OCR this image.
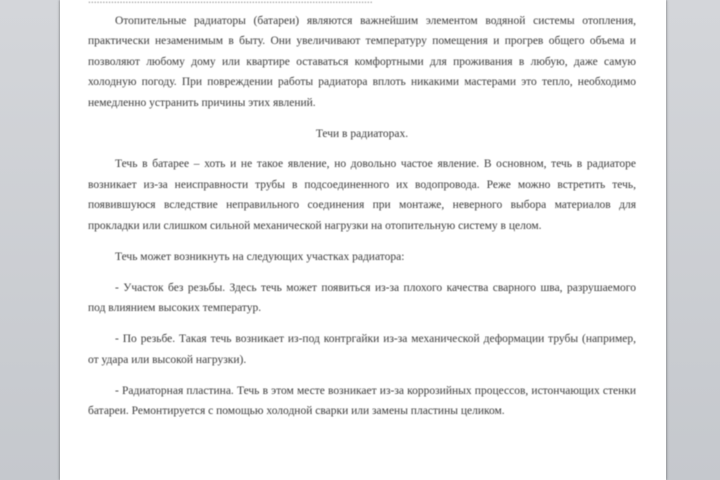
...................................................................................................

Отопительные радиаторы (батареи) являются важнейшим элементом водяной системы отопления, практически незаменимым в быту. Они увеличивают температуру помещения и прогрев общего объема и позволяют любому дому или квартире оставаться комфортными для проживания в любую, даже самую холодную погоду. При повреждении работы радиатора вплоть никакими мастерами это тепло, необходимо немедленно устранить причины этих явлений.

Течи в радиаторах.

Течь в батарее – хоть и не такое явление, но довольно частое явление. В основном, течь в радиаторе возникает из-за неисправности трубы в подсоединенного их водопровода. Реже можно встретить течь, появившуюся вследствие неправильного соединения при монтаже, неверного выбора материалов для прокладки или слишком сильной механической нагрузки на отопительную систему в целом.

Течь может возникнуть на следующих участках радиатора:

- Участок без резьбы. Здесь течь может появиться из-за плохого качества сварного шва, разрушаемого под влиянием высоких температур.

- По резьбе. Такая течь возникает из-под контргайки из-за механической деформации трубы (например, от удара или высокой нагрузки).

- Радиаторная пластина. Течь в этом месте возникает из-за коррозийных процессов, истончающих стенки батареи. Ремонтируется с помощью холодной сварки или замены пластины целиком.
